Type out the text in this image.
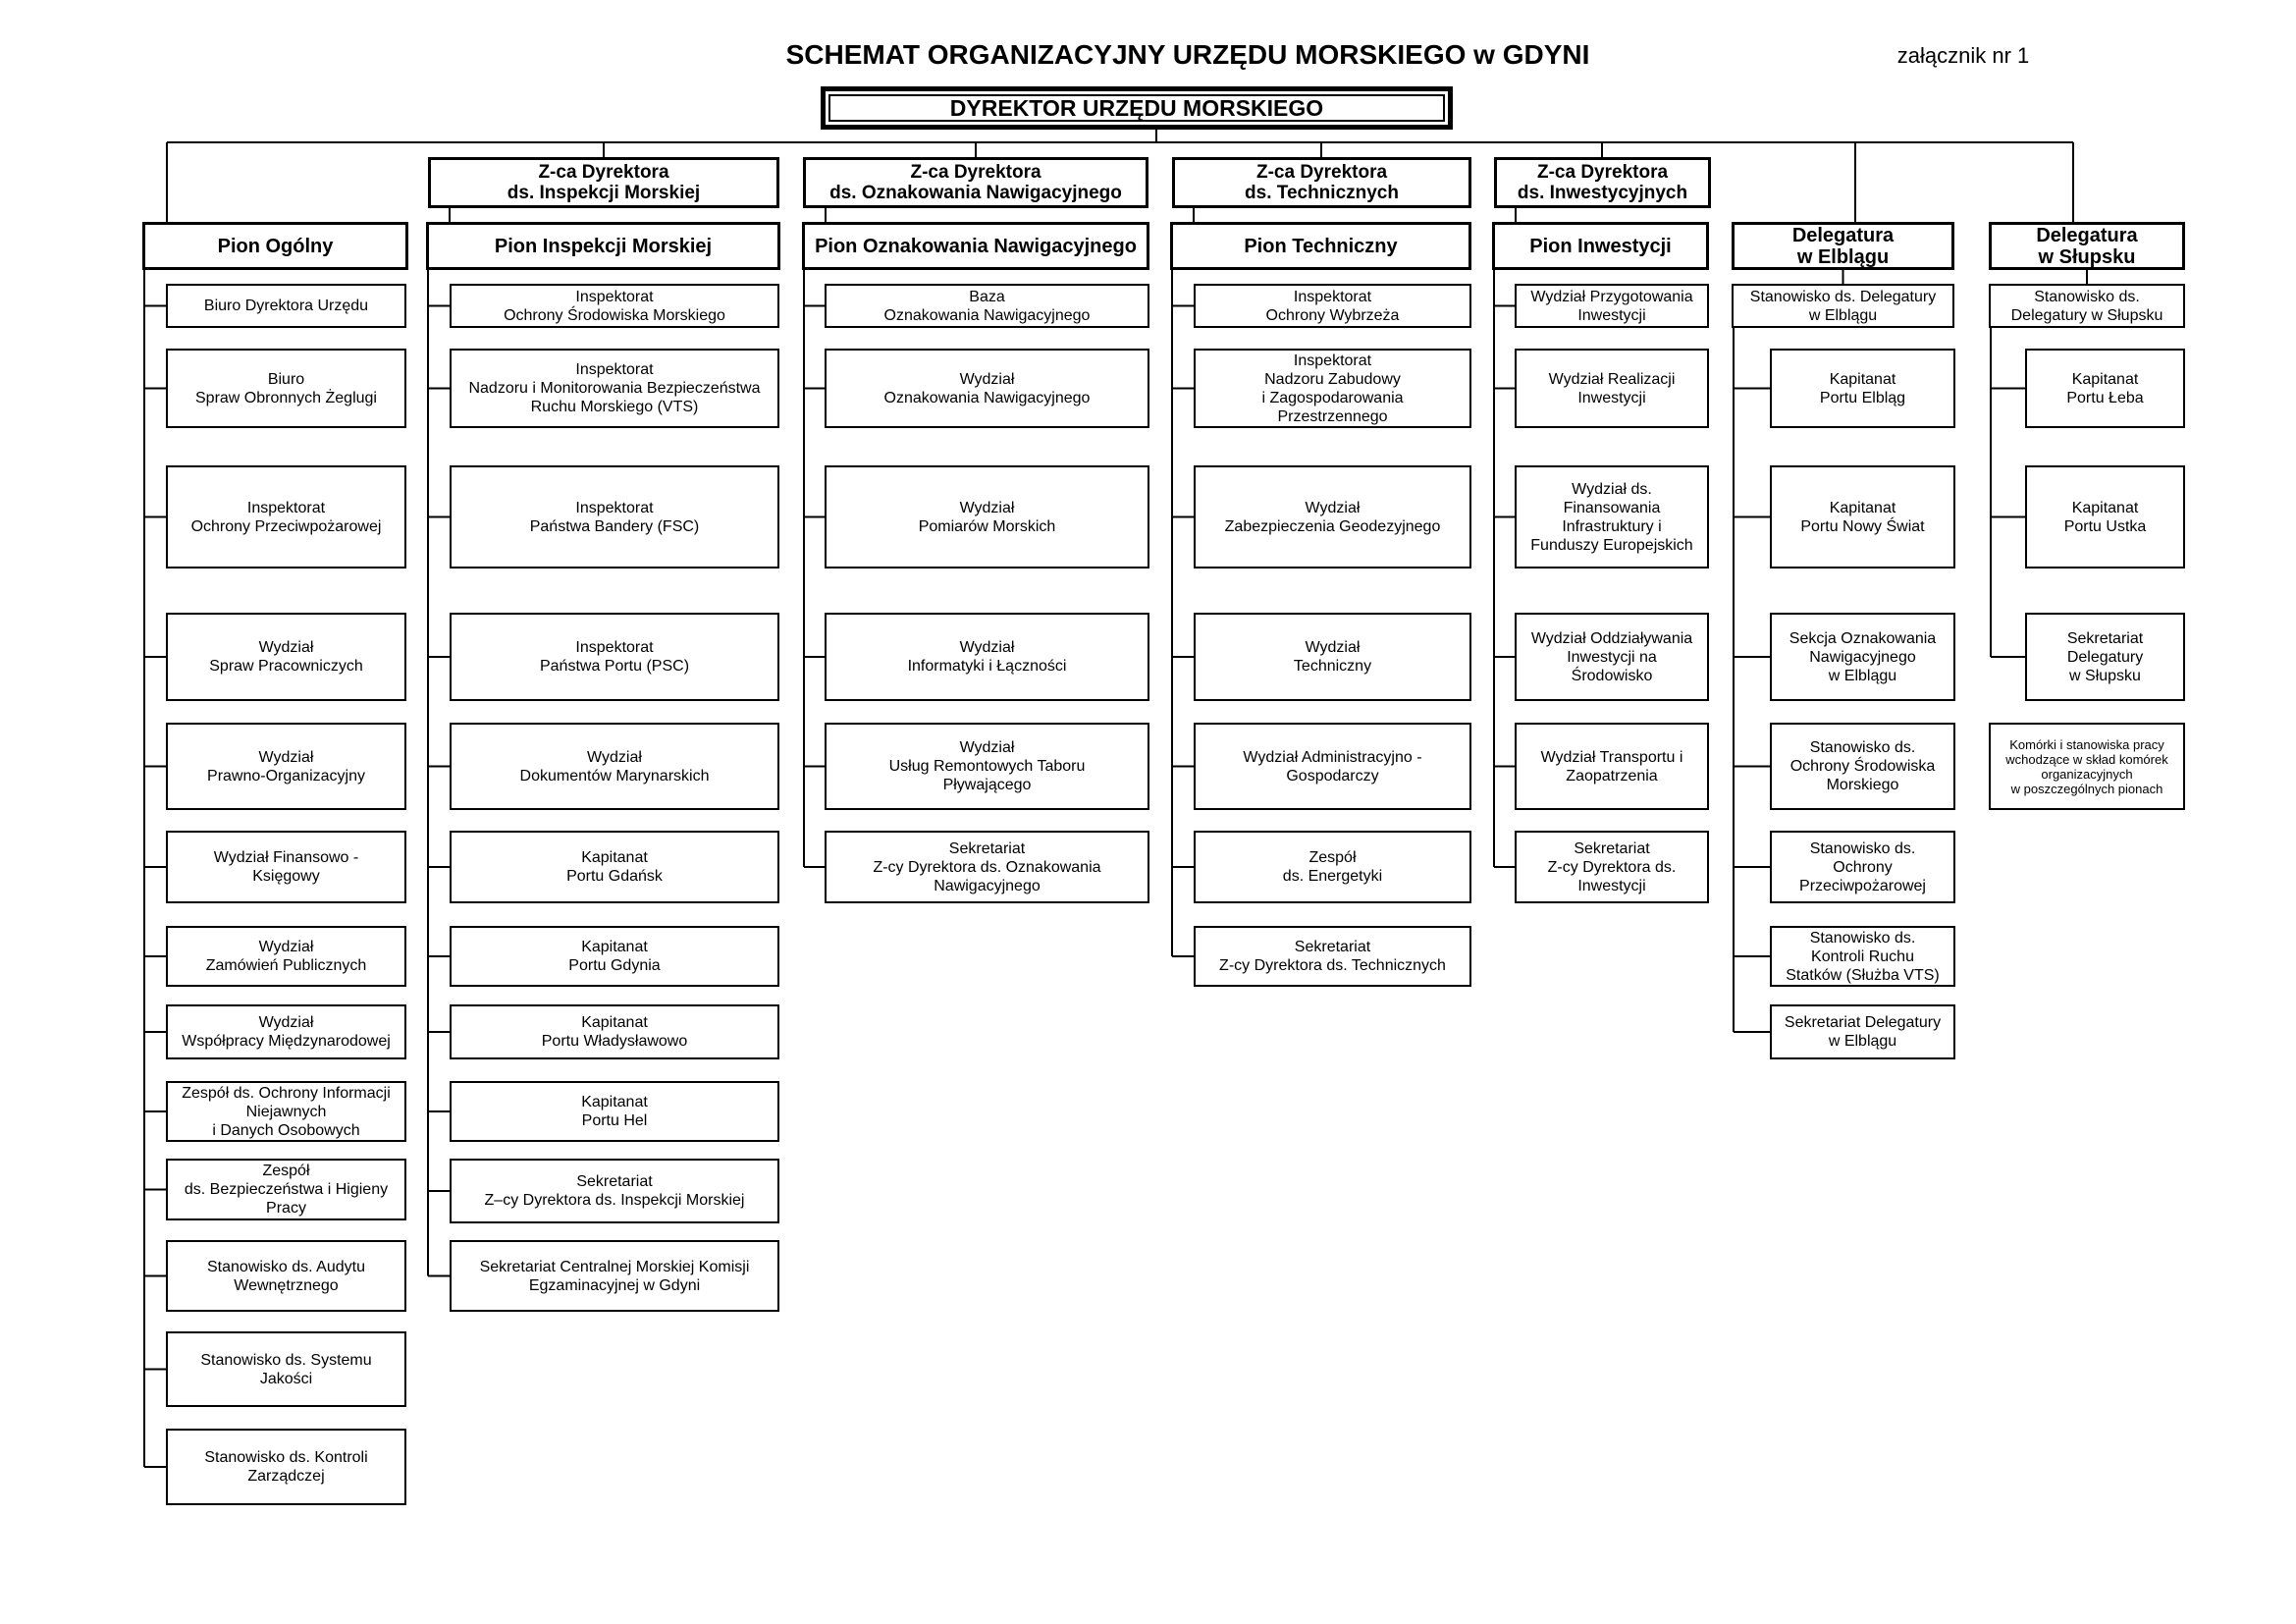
SCHEMAT ORGANIZACYJNY URZĘDU MORSKIEGO w GDYNI	załącznik nr 1
DYREKTOR URZĘDU MORSKIEGO
Z-ca Dyrektora
ds. Inspekcji Morskiej
Z-ca Dyrektora
ds. Oznakowania Nawigacyjnego
Z-ca Dyrektora
ds. Technicznych
Z-ca Dyrektora
ds. Inwestycyjnych
Pion Ogólny
Biuro Dyrektora Urzędu
Biuro
Spraw Obronnych Żeglugi
Inspektorat
Ochrony Przeciwpożarowej
Wydział
Spraw Pracowniczych
Wydział
Prawno-Organizacyjny
Wydział Finansowo -
Księgowy
Wydział
Zamówień Publicznych
Wydział
Współpracy Międzynarodowej
Zespół ds. Ochrony Informacji
Niejawnych
i Danych Osobowych
Zespół
ds. Bezpieczeństwa i Higieny
Pracy
Stanowisko ds. Audytu
Wewnętrznego
Stanowisko ds. Systemu
Jakości
Stanowisko ds. Kontroli
Zarządczej
Pion Inspekcji Morskiej
Inspektorat
Ochrony Środowiska Morskiego
Inspektorat
Nadzoru i Monitorowania Bezpieczeństwa
Ruchu Morskiego (VTS)
Inspektorat
Państwa Bandery (FSC)
Inspektorat
Państwa Portu (PSC)
Wydział
Dokumentów Marynarskich
Kapitanat
Portu Gdańsk
Kapitanat
Portu Gdynia
Kapitanat
Portu Władysławowo
Kapitanat
Portu Hel
Sekretariat
Z–cy Dyrektora ds. Inspekcji Morskiej
Sekretariat Centralnej Morskiej Komisji
Egzaminacyjnej w Gdyni
Pion Oznakowania Nawigacyjnego
Baza
Oznakowania Nawigacyjnego
Wydział
Oznakowania Nawigacyjnego
Wydział
Pomiarów Morskich
Wydział
Informatyki i Łączności
Wydział
Usług Remontowych Taboru
Pływającego
Sekretariat
Z-cy Dyrektora ds. Oznakowania
Nawigacyjnego
Pion Techniczny
Inspektorat
Ochrony Wybrzeża
Inspektorat
Nadzoru Zabudowy
i Zagospodarowania
Przestrzennego
Wydział
Zabezpieczenia Geodezyjnego
Wydział
Techniczny
Wydział Administracyjno -
Gospodarczy
Zespół
ds. Energetyki
Sekretariat
Z-cy Dyrektora ds. Technicznych
Pion Inwestycji
Wydział Przygotowania
Inwestycji
Wydział Realizacji
Inwestycji
Wydział ds.
Finansowania
Infrastruktury i
Funduszy Europejskich
Wydział Oddziaływania
Inwestycji na
Środowisko
Wydział Transportu i
Zaopatrzenia
Sekretariat
Z-cy Dyrektora ds.
Inwestycji
Delegatura
w Elblągu
Stanowisko ds. Delegatury
w Elblągu
Kapitanat
Portu Elbląg
Kapitanat
Portu Nowy Świat
Sekcja Oznakowania
Nawigacyjnego
w Elblągu
Stanowisko ds.
Ochrony Środowiska
Morskiego
Stanowisko ds.
Ochrony
Przeciwpożarowej
Stanowisko ds.
Kontroli Ruchu
Statków (Służba VTS)
Sekretariat Delegatury
w Elblągu
Delegatura
w Słupsku
Stanowisko ds.
Delegatury w Słupsku
Kapitanat
Portu Łeba
Kapitanat
Portu Ustka
Sekretariat
Delegatury
w Słupsku
Komórki i stanowiska pracy
wchodzące w skład komórek
organizacyjnych
w poszczególnych pionach
